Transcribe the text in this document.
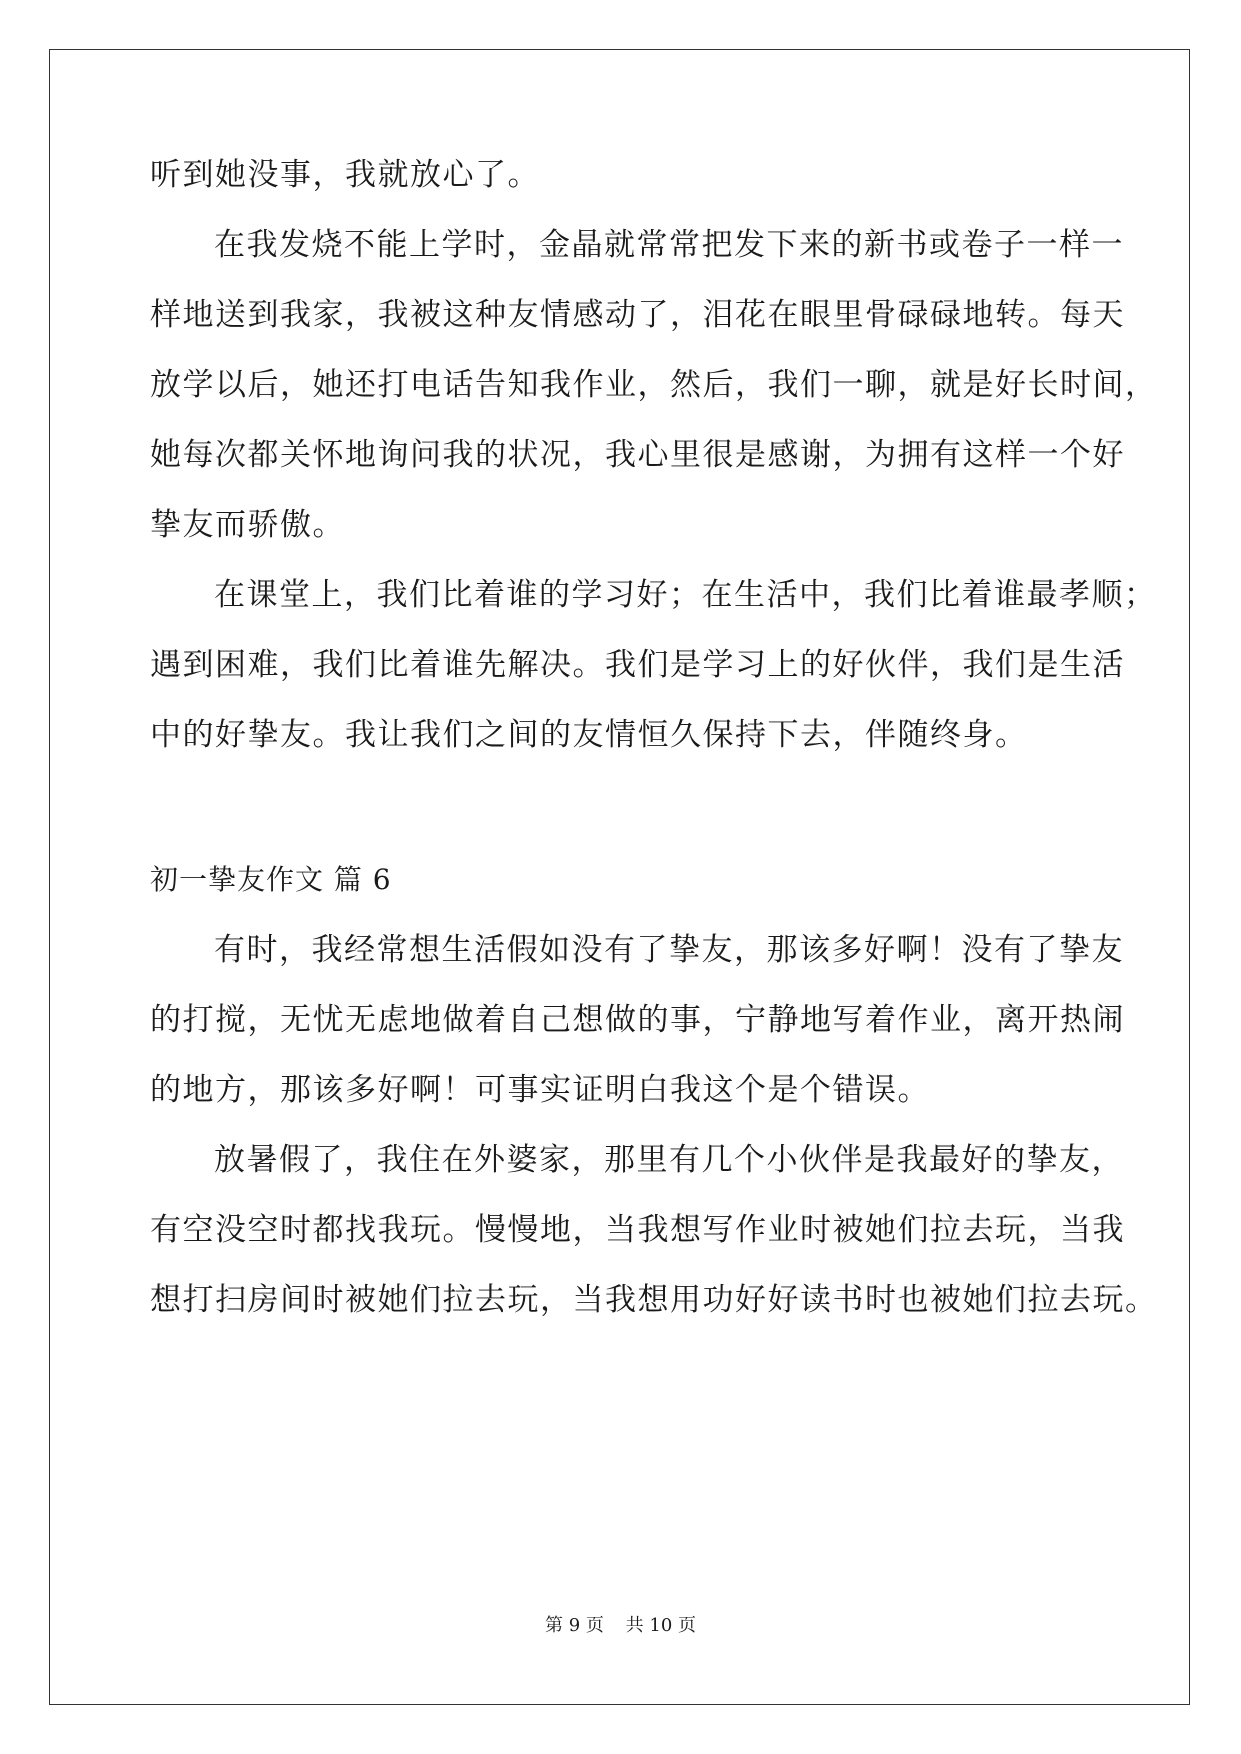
听到她没事，我就放心了。
在我发烧不能上学时，金晶就常常把发下来的新书或卷子一样一
样地送到我家，我被这种友情感动了，泪花在眼里骨碌碌地转。每天
放学以后，她还打电话告知我作业，然后，我们一聊，就是好长时间，
她每次都关怀地询问我的状况，我心里很是感谢，为拥有这样一个好
挚友而骄傲。
在课堂上，我们比着谁的学习好；在生活中，我们比着谁最孝顺；
遇到困难，我们比着谁先解决。我们是学习上的好伙伴，我们是生活
中的好挚友。我让我们之间的友情恒久保持下去，伴随终身。
初一挚友作文 篇 6
有时，我经常想生活假如没有了挚友，那该多好啊！没有了挚友
的打搅，无忧无虑地做着自己想做的事，宁静地写着作业，离开热闹
的地方，那该多好啊！可事实证明白我这个是个错误。
放暑假了，我住在外婆家，那里有几个小伙伴是我最好的挚友，
有空没空时都找我玩。慢慢地，当我想写作业时被她们拉去玩，当我
想打扫房间时被她们拉去玩，当我想用功好好读书时也被她们拉去玩。
第 9 页 共 10 页
